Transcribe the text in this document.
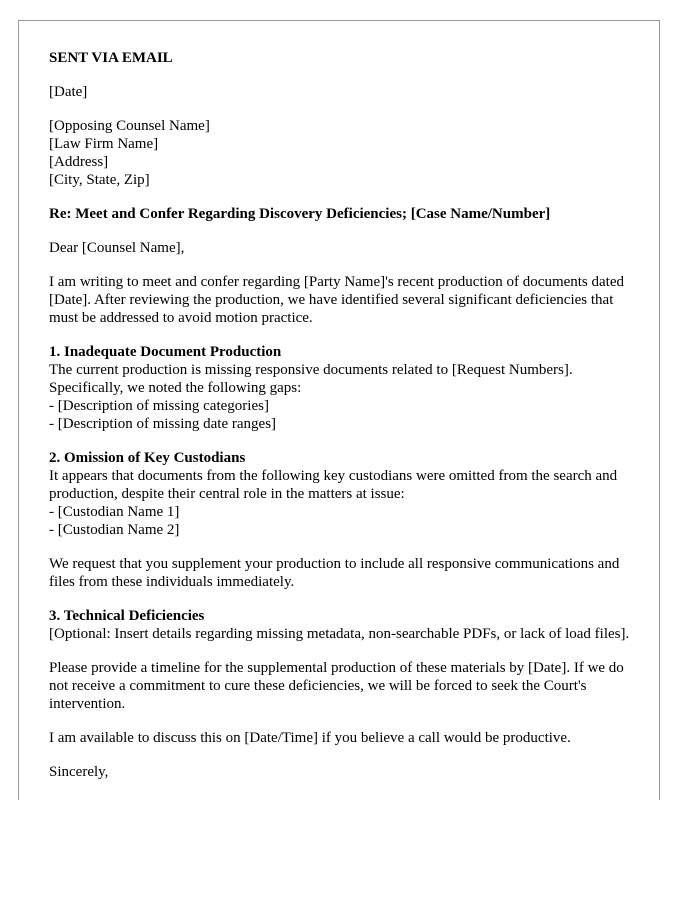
SENT VIA EMAIL

[Date]

[Opposing Counsel Name]
[Law Firm Name]
[Address]
[City, State, Zip]

Re: Meet and Confer Regarding Discovery Deficiencies; [Case Name/Number]

Dear [Counsel Name],

I am writing to meet and confer regarding [Party Name]'s recent production of documents dated [Date]. After reviewing the production, we have identified several significant deficiencies that must be addressed to avoid motion practice.

1. Inadequate Document Production
The current production is missing responsive documents related to [Request Numbers]. Specifically, we noted the following gaps:
- [Description of missing categories]
- [Description of missing date ranges]
2. Omission of Key Custodians
It appears that documents from the following key custodians were omitted from the search and production, despite their central role in the matters at issue:
- [Custodian Name 1]
- [Custodian Name 2]

We request that you supplement your production to include all responsive communications and files from these individuals immediately.

3. Technical Deficiencies
[Optional: Insert details regarding missing metadata, non-searchable PDFs, or lack of load files].

Please provide a timeline for the supplemental production of these materials by [Date]. If we do not receive a commitment to cure these deficiencies, we will be forced to seek the Court's intervention.

I am available to discuss this on [Date/Time] if you believe a call would be productive.

Sincerely,
